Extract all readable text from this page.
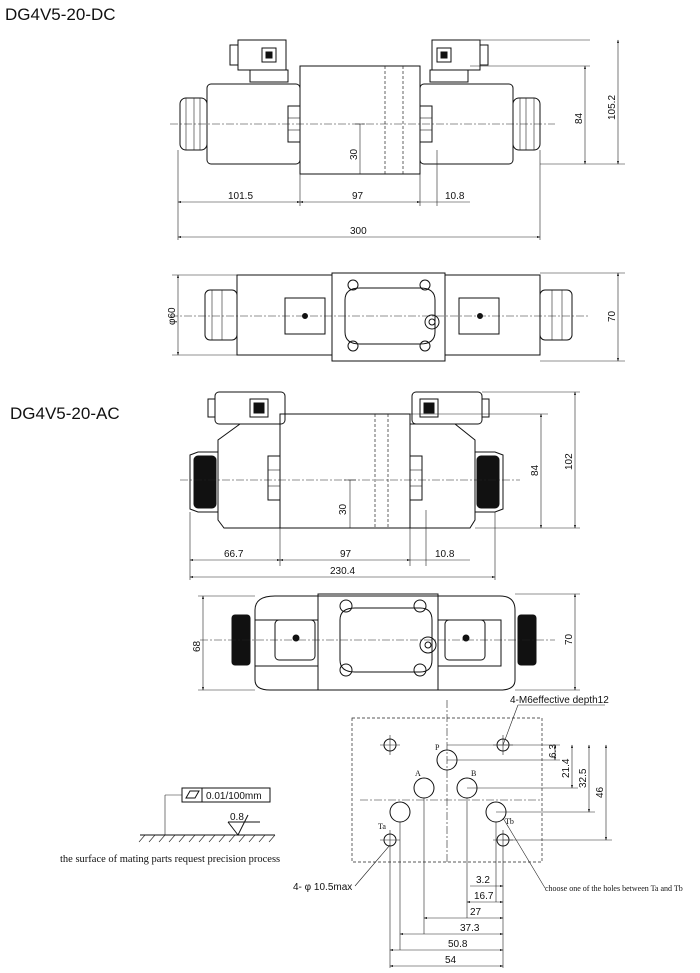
DG4V5-20-DC
30
84 105.2
101.5	97	10.8
300
φ60	70
DG4V5-20-AC
30
84
102
66.7	97	10.8
230.4
68
70
P
A	B
Ta
Tb
4-M6effective depth12
6.3
21.4
32.5
46
3.2
16.7
27
37.3
50.8
54
4- φ 10.5max	choose one of the holes between Ta and Tb
0.01/100mm
0.8
the surface of mating parts request precision process
